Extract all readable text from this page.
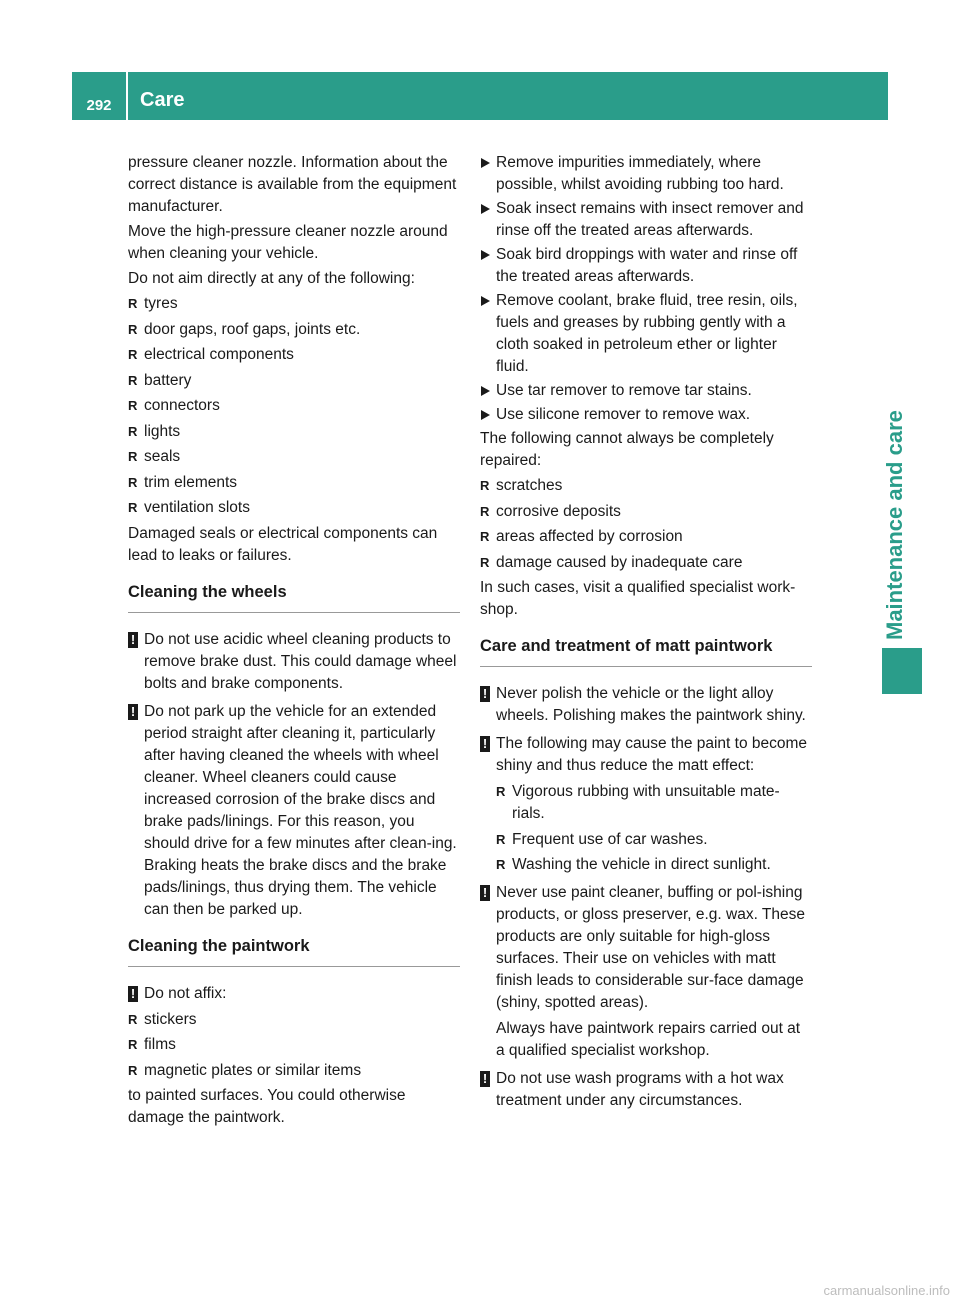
292	Care
Maintenance and care

pressure cleaner nozzle. Information about the correct distance is available from the equipment manufacturer.

Move the high-pressure cleaner nozzle around when cleaning your vehicle.

Do not aim directly at any of the following:

R tyres
R door gaps, roof gaps, joints etc.
R electrical components
R battery
R connectors
R lights
R seals
R trim elements
R ventilation slots

Damaged seals or electrical components can lead to leaks or failures.

Cleaning the wheels
! Do not use acidic wheel cleaning products to remove brake dust. This could damage wheel bolts and brake components.
! Do not park up the vehicle for an extended period straight after cleaning it, particularly after having cleaned the wheels with wheel cleaner. Wheel cleaners could cause increased corrosion of the brake discs and brake pads/linings. For this reason, you should drive for a few minutes after clean-ing. Braking heats the brake discs and the brake pads/linings, thus drying them. The vehicle can then be parked up.
Cleaning the paintwork
! Do not affix:
R stickers
R films
R magnetic plates or similar items

to painted surfaces. You could otherwise damage the paintwork.

Remove impurities immediately, where possible, whilst avoiding rubbing too hard.
Soak insect remains with insect remover and rinse off the treated areas afterwards.
Soak bird droppings with water and rinse off the treated areas afterwards.
Remove coolant, brake fluid, tree resin, oils, fuels and greases by rubbing gently with a cloth soaked in petroleum ether or lighter fluid.
Use tar remover to remove tar stains.
Use silicone remover to remove wax.

The following cannot always be completely repaired:

R scratches
R corrosive deposits
R areas affected by corrosion
R damage caused by inadequate care

In such cases, visit a qualified specialist work-shop.

Care and treatment of matt paintwork
! Never polish the vehicle or the light alloy wheels. Polishing makes the paintwork shiny.
! The following may cause the paint to become shiny and thus reduce the matt effect:
R Vigorous rubbing with unsuitable mate-rials.
R Frequent use of car washes.
R Washing the vehicle in direct sunlight.
! Never use paint cleaner, buffing or pol-ishing products, or gloss preserver, e.g. wax. These products are only suitable for high-gloss surfaces. Their use on vehicles with matt finish leads to considerable sur-face damage (shiny, spotted areas).

Always have paintwork repairs carried out at a qualified specialist workshop.

! Do not use wash programs with a hot wax treatment under any circumstances.
carmanualsonline.info
